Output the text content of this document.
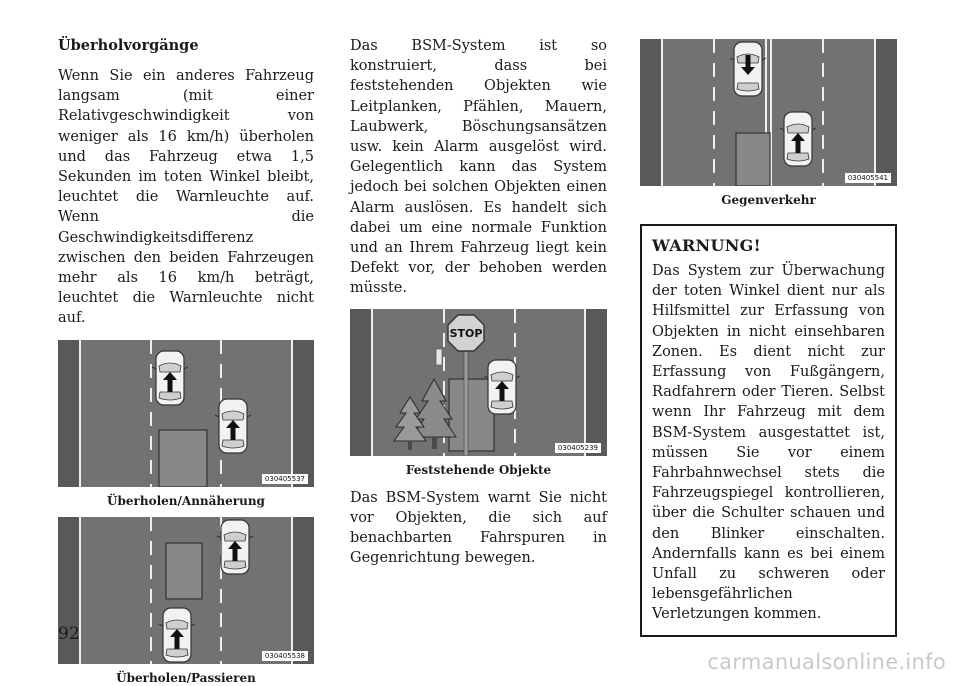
Überholvorgänge

Wenn Sie ein anderes Fahrzeug langsam (mit einer Relativgeschwindigkeit von weniger als 16 km/h) überholen und das Fahrzeug etwa 1,5 Sekunden im toten Winkel bleibt, leuchtet die Warnleuchte auf. Wenn die Geschwindigkeitsdifferenz zwischen den beiden Fahrzeugen mehr als 16 km/h beträgt, leuchtet die Warnleuchte nicht auf.

030405537
Überholen/Annäherung
030405538
Überholen/Passieren

Das BSM-System ist so konstruiert, dass bei feststehenden Objekten wie Leitplanken, Pfählen, Mauern, Laubwerk, Böschungsansätzen usw. kein Alarm ausgelöst wird. Gelegentlich kann das System jedoch bei solchen Objekten einen Alarm auslösen. Es handelt sich dabei um eine normale Funktion und an Ihrem Fahrzeug liegt kein Defekt vor, der behoben werden müsste.

STOP
030405239
Feststehende Objekte

Das BSM-System warnt Sie nicht vor Objekten, die sich auf benachbarten Fahrspuren in Gegenrichtung bewegen.

030405541
Gegenverkehr

WARNUNG!

Das System zur Überwachung der toten Winkel dient nur als Hilfsmittel zur Erfassung von Objekten in nicht einsehbaren Zonen. Es dient nicht zur Erfassung von Fußgängern, Radfahrern oder Tieren. Selbst wenn Ihr Fahrzeug mit dem BSM-System ausgestattet ist, müssen Sie vor einem Fahrbahnwechsel stets die Fahrzeugspiegel kontrollieren, über die Schulter schauen und den Blinker einschalten. Andernfalls kann es bei einem Unfall zu schweren oder lebensgefährlichen Verletzungen kommen.

92
carmanualsonline.info
